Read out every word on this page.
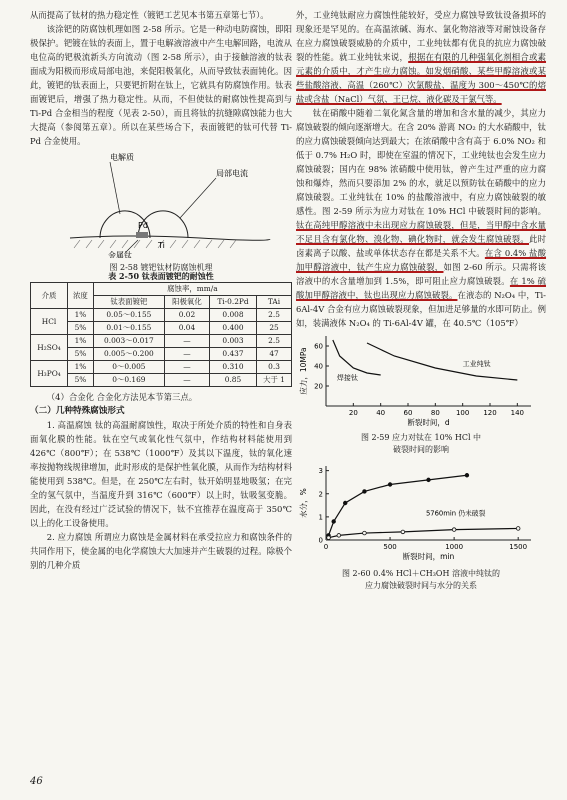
从而提高了钛材的热力稳定性（镀钯工艺见本书第五章第七节）。

该涂钯的防腐蚀机理如图 2-58 所示。它是一种动电防腐蚀，即阳极保护。钯镀在钛的表面上，置于电解液溶液中产生电解回路，电流从电位高的钯极流新头方向流动（图 2-58 所示），由于接触溶液的钛表面成为阳极而形成局部电池，来促阳极氧化，从而导致钛表面钝化。因此，镀钯的钛表面上，只要钯折附在钛上，它就具有防腐蚀作用。钛表面镀钯后，增强了热力稳定性。从而，不但使钛的耐腐蚀性提高到与 Ti-Pd 合金相当的程度（见表 2-50），而且将钛的抗缝隙腐蚀能力也大大提高（参阅第五章）。所以在某些场合下，表面镀钯的钛可代替 Ti-Pd 合金使用。

电解质
局部电流
Pd
Ti
金属钛

图 2-58 镀钯钛材防腐蚀机理

表 2-50 钛表面镀钯的耐蚀性

介质	浓度	腐蚀率，mm/a			
		钛表面镀钯	阳极氧化	Ti-0.2Pd	TAi
HCl	1%	0.05～0.155	0.02	0.008	2.5
	5%	0.01～0.155	0.04	0.400	25
H₂SO₄	1%	0.003～0.017	—	0.003	2.5
	5%	0.005～0.200	—	0.437	47
H₃PO₄	1%	0～0.005	—	0.310	0.3
	5%	0～0.169	—	0.85	大于 1

（4）合金化 合金化方法见本节第三点。

（二）几种特殊腐蚀形式

1. 高温腐蚀 钛的高温耐腐蚀性，取决于所处介质的特性和自身表面氧化膜的性能。钛在空气或氧化性气氛中，作结构材料能使用到 426℃（800℉）；在 538℃（1000℉）及其以下温度，钛的氧化速率按抛物线规律增加，此时形成的是保护性氧化膜，从而作为结构材料能使用到 538℃。但是，在 250℃左右时，钛开始明显地吸氢；在完全的氢气氛中，当温度升到 316℃（600℉）以上时，钛吸氢变脆。因此，在没有经过广泛试验的情况下，钛不宜推荐在温度高于 350℃以上的化工设备使用。

2. 应力腐蚀 所谓应力腐蚀是金属材料在承受拉应力和腐蚀条件的共同作用下，使金属的电化学腐蚀大大加速并产生破裂的过程。除极个别的几种介质

46

外，工业纯钛耐应力腐蚀性能较好，受应力腐蚀导致钛设备损坏的现象还是罕见的。在高温浓碱、海水、氯化物溶液等对耐蚀设备存在应力腐蚀破裂威胁的介质中，工业纯钛都有优良的抗应力腐蚀破裂的性能。就工业纯钛来说，根据在有限的几种强氧化剂相合或素元素的介质中，才产生应力腐蚀。如发烟硝酸、某些甲醇溶液或某些盐酸溶液、高温（260℃）次氯酸盐、温度为 300～450℃的熔盐或含盐（NaCl）气氛、王已烷、液化碳及干氯气等。

钛在硝酸中随着二氧化氮含量的增加和含水量的减少，其应力腐蚀破裂的倾向逐渐增大。在含 20% 游离 NO₂ 的大水硝酸中，钛的应力腐蚀破裂倾向达到最大；在浓硝酸中含有高于 6.0% NO₂ 和低于 0.7% H₂O 时，即使在室温的情况下，工业纯钛也会发生应力腐蚀破裂；国内在 98% 浓硝酸中使用钛，曾产生过严重的应力腐蚀和爆炸，然而只要添加 2% 的水，就足以预防钛在硝酸中的应力腐蚀破裂。工业纯钛在 10% 的盐酸溶液中，有应力腐蚀破裂的敏感性。图 2-59 所示为应力对钛在 10% HCl 中破裂时间的影响。钛在高纯甲醇溶液中未出现应力腐蚀破裂，但是，当甲醇中含水量不足且含有氯化物、溴化物、碘化物时，就会发生腐蚀破裂。此时卤素离子以酸、盐或单体状态存在都是关系不大。在含 0.4% 盐酸加甲醇溶液中，钛产生应力腐蚀破裂，如图 2-60 所示。只需将该溶液中的水含量增加到 1.5%，即可阻止应力腐蚀破裂。在 1% 硫酸加甲醇溶液中，钛也出现应力腐蚀破裂。在液态的 N₂O₄ 中，Ti-6Al-4V 合金有应力腐蚀破裂现象，但加进足够量的水即可防止。例如，装满液体 N₂O₄ 的 Ti-6Al-4V 罐，在 40.5℃（105℉）

20	40	60	80 100 120 140
20
40
60
断裂时间，d
应力，10MPa	焊接钛
工业纯钛

图 2-59 应力对钛在 10% HCl 中

破裂时间的影响

0	500	1000	1500
0
1
2
3
断裂时间，min
水分，%	5760min 仍未破裂

图 2-60 0.4% HCl＋CH₃OH 溶液中纯钛的

应力腐蚀破裂时间与水分的关系
